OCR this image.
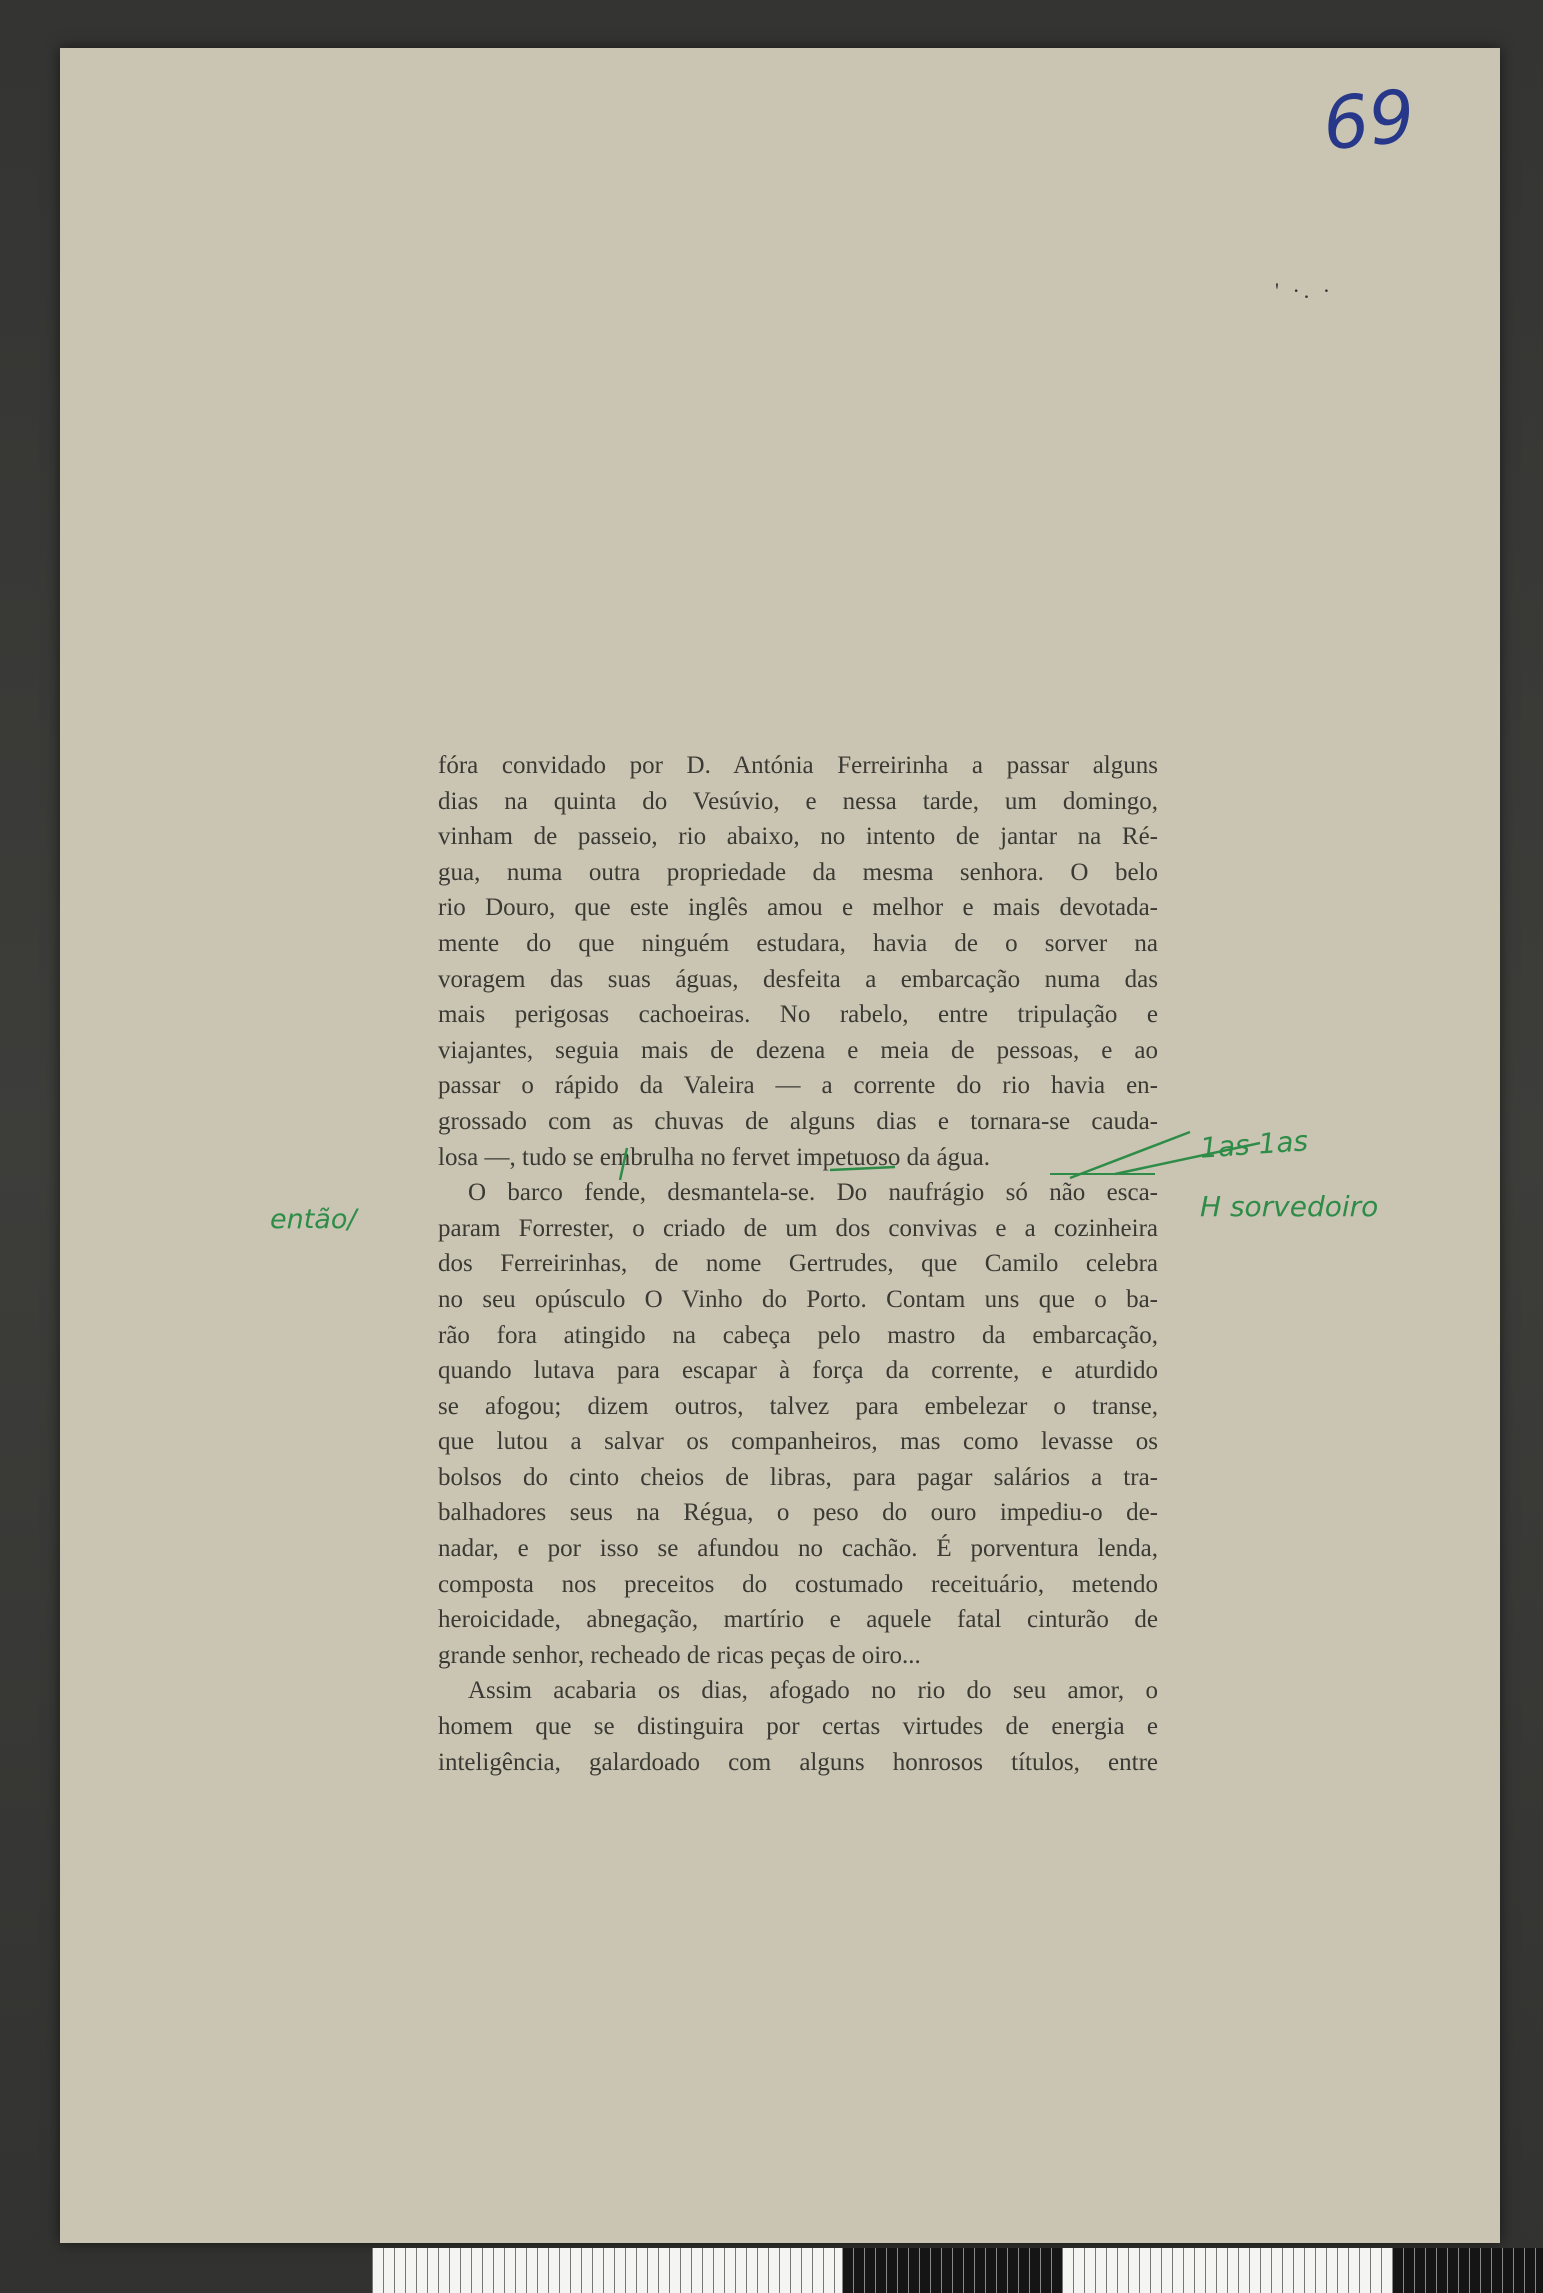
69
' ·. ·
fóra convidado por D. Antónia Ferreirinha a passar alguns
dias na quinta do Vesúvio, e nessa tarde, um domingo,
vinham de passeio, rio abaixo, no intento de jantar na Ré-
gua, numa outra propriedade da mesma senhora. O belo
rio Douro, que este inglês amou e melhor e mais devotada-
mente do que ninguém estudara, havia de o sorver na
voragem das suas águas, desfeita a embarcação numa das
mais perigosas cachoeiras. No rabelo, entre tripulação e
viajantes, seguia mais de dezena e meia de pessoas, e ao
passar o rápido da Valeira — a corrente do rio havia en-
grossado com as chuvas de alguns dias e tornara-se cauda-
losa —, tudo se embrulha no fervet impetuoso da água.
O barco fende, desmantela-se. Do naufrágio só não esca-
param Forrester, o criado de um dos convivas e a cozinheira
dos Ferreirinhas, de nome Gertrudes, que Camilo celebra
no seu opúsculo O Vinho do Porto. Contam uns que o ba-
rão fora atingido na cabeça pelo mastro da embarcação,
quando lutava para escapar à força da corrente, e aturdido
se afogou; dizem outros, talvez para embelezar o transe,
que lutou a salvar os companheiros, mas como levasse os
bolsos do cinto cheios de libras, para pagar salários a tra-
balhadores seus na Régua, o peso do ouro impediu-o de-
nadar, e por isso se afundou no cachão. É porventura lenda,
composta nos preceitos do costumado receituário, metendo
heroicidade, abnegação, martírio e aquele fatal cinturão de
grande senhor, recheado de ricas peças de oiro...
Assim acabaria os dias, afogado no rio do seu amor, o
homem que se distinguira por certas virtudes de energia e
inteligência, galardoado com alguns honrosos títulos, entre
então/
1as 1as
H sorvedoiro
